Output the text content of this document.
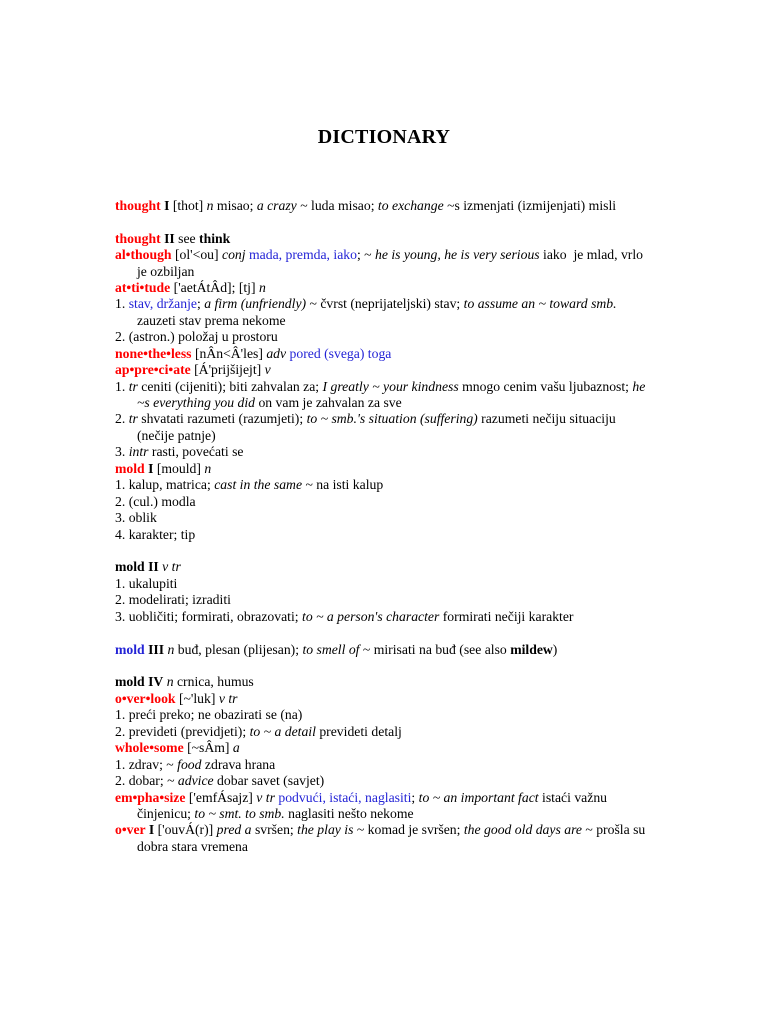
DICTIONARY
thought I [thot] n misao; a crazy ~ luda misao; to exchange ~s izmenjati (izmijenjati) misli
thought II see think
al•though [ol'<ou] conj mada, premda, iako; ~ he is young, he is very serious iako  je mlad, vrlo
je ozbiljan
at•ti•tude ['aetÁtÂd]; [tj] n
1. stav, držanje; a firm (unfriendly) ~ čvrst (neprijateljski) stav; to assume an ~ toward smb.
zauzeti stav prema nekome
2. (astron.) položaj u prostoru
none•the•less [nÂn<Â'les] adv pored (svega) toga
ap•pre•ci•ate [Á'prijšijejt] v
1. tr ceniti (cijeniti); biti zahvalan za; I greatly ~ your kindness mnogo cenim vašu ljubaznost; he
~s everything you did on vam je zahvalan za sve
2. tr shvatati razumeti (razumjeti); to ~ smb.'s situation (suffering) razumeti nečiju situaciju
(nečije patnje)
3. intr rasti, povećati se
mold I [mould] n
1. kalup, matrica; cast in the same ~ na isti kalup
2. (cul.) modla
3. oblik
4. karakter; tip
mold II v tr
1. ukalupiti
2. modelirati; izraditi
3. uobličiti; formirati, obrazovati; to ~ a person's character formirati nečiji karakter
mold III n buđ, plesan (plijesan); to smell of ~ mirisati na buđ (see also mildew)
mold IV n crnica, humus
o•ver•look [~'luk] v tr
1. preći preko; ne obazirati se (na)
2. prevideti (previdjeti); to ~ a detail prevideti detalj
whole•some [~sÂm] a
1. zdrav; ~ food zdrava hrana
2. dobar; ~ advice dobar savet (savjet)
em•pha•size ['emfÁsajz] v tr podvući, istaći, naglasiti; to ~ an important fact istaći važnu
činjenicu; to ~ smt. to smb. naglasiti nešto nekome
o•ver I ['ouvÁ(r)] pred a svršen; the play is ~ komad je svršen; the good old days are ~ prošla su
dobra stara vremena
